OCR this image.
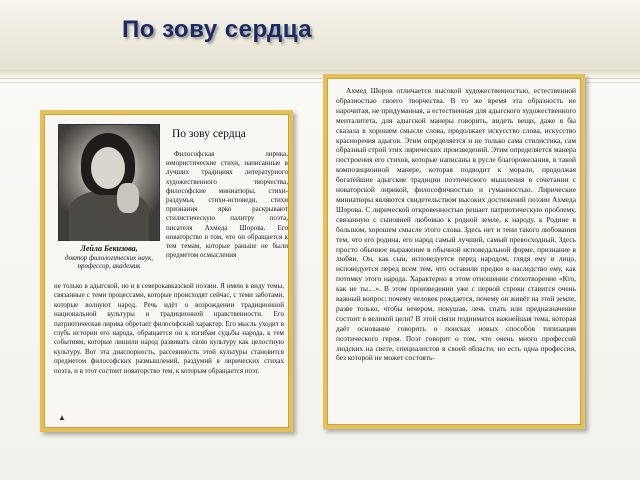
По зову сердца
Лейла Бекизова,
доктор филологических наук, профессор, академик
По зову сердца

Философская лирика, юмористические стихи, написанные в лучших традициях литературного художественного творчества, философские миниатюры, стихи-раздумья, стихи-исповеди, стихи признания ярко раскрывают стилистическую палитру поэта, писателя Ахмеда Шорова. Его новаторство в том, что он обращается к тем темам, которые раньше не были предметом осмысления

не только в адыгской, но и в северокавказской поэзии. Я имею в виду темы, связанные с теми процессами, которые происходят сейчас, с теми заботами, которые волнуют народ. Речь идёт о возрождении традиционной национальной культуры и традиционной нравственности. Его патриотическая лирика обретает философский характер. Его мысль уходит в глубь истории его народа, обращается он к изгибам судьбы народа, к тем событиям, которые лишили народ развивать свою культуру как целостную культуру. Вот эта диаспорность, рассеянность этой культуры становится предметом философских размышлений, раздумий в лирических стихах поэта, и в этот состоит новаторство тем, к которым обращается поэт.

▲

Ахмед Шоров отличается высокой художественностью, естественной образностью своего творчества. В то же время эта образность не нарочитая, не придуманная, а естественная для адыгского художественного менталитета, для адыгской манеры говорить, видеть вещи, даже я бы сказала в хорошем смысле слова, продолжает искусство слова, искусство красноречия адыгов. Этим определяется и не только сама стилистика, сам образный строй этих лирических произведений. Этим определяется манера построения его стихов, которые написаны в русле благорожелания, в такой композиционной манере, которая подводит к морали, продолжая богатейшие адыгские традиции поэтического мышления в сочетании с новаторской лирикой, философичностью и гуманностью. Лирические миниатюры являются свидетельством высоких достижений поэзии Ахмеда Шорова. С лирической откровенностью решает патриотическую проблему, связанную с сыновней любовью к родной земле, к народу, к Родине в большом, хорошем смысле этого слова. Здесь нет и тени такого любования тем, что его родина, его народ самый лучший, самый превосходный. Здесь просто обычное выражение в обычной исповедальной форме, признание в любви. Он, как сын, исповедуется перед народом, глядя ему в лицо, исповедуется перед всем тем, что оставили предки в наследство ему, как потомку этого народа. Характерно в этом отношении стихотворение «Кто, как не ты…». В этом произведении уже с первой строки ставится очень важный вопрос: почему человек рождается, почему он живёт на этой земле, разве только, чтобы вечером, покушав, лечь спать или предназначение состоит в великой цели? В этой связи подниматся важнейшая тема, которая даёт основание говорить о поисках новых способов типизации поэтического героя. Поэт говорит о том, что очень много профессий людских на свете, специалистов в своей области, но есть одна профессия, без которой не может состоять-
